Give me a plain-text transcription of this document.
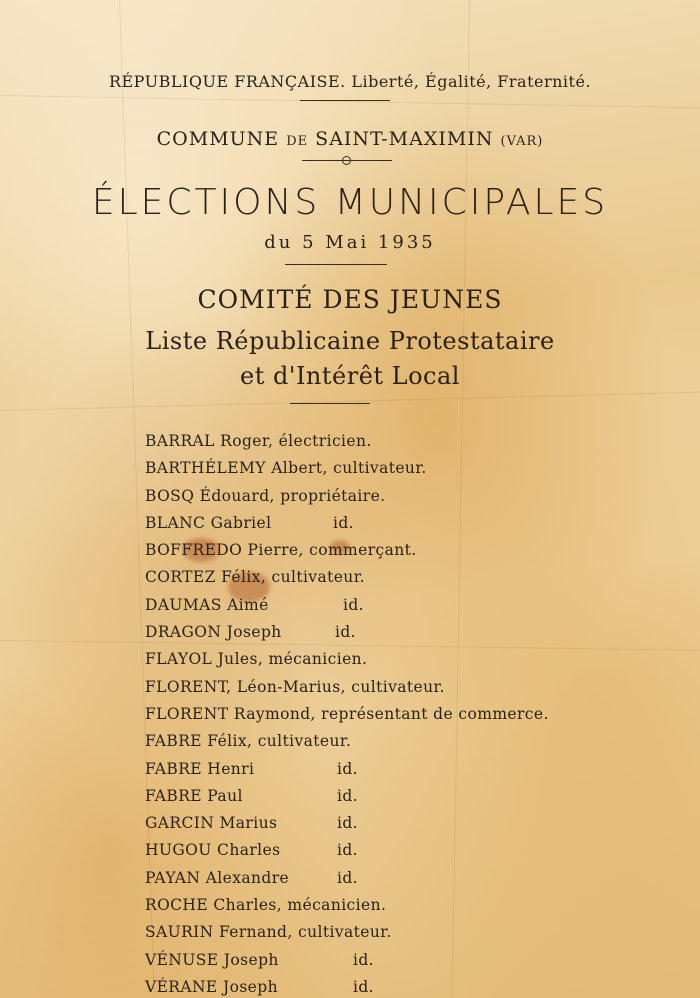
RÉPUBLIQUE FRANÇAISE. Liberté, Égalité, Fraternité.
COMMUNE DE SAINT-MAXIMIN (VAR)
ÉLECTIONS MUNICIPALES
du 5 Mai 1935
COMITÉ DES JEUNES
Liste Républicaine Protestataire
et d'Intérêt Local
BARRAL Roger, électricien.
BARTHÉLEMY Albert, cultivateur.
BOSQ Édouard, propriétaire.
BLANC Gabriel	id.
BOFFREDO Pierre, commerçant.
CORTEZ Félix, cultivateur.
DAUMAS Aimé	id.
DRAGON Joseph	id.
FLAYOL Jules, mécanicien.
FLORENT, Léon-Marius, cultivateur.
FLORENT Raymond, représentant de commerce.
FABRE Félix, cultivateur.
FABRE Henri	id.
FABRE Paul	id.
GARCIN Marius	id.
HUGOU Charles	id.
PAYAN Alexandre	id.
ROCHE Charles, mécanicien.
SAURIN Fernand, cultivateur.
VÉNUSE Joseph	id.
VÉRANE Joseph	id.
